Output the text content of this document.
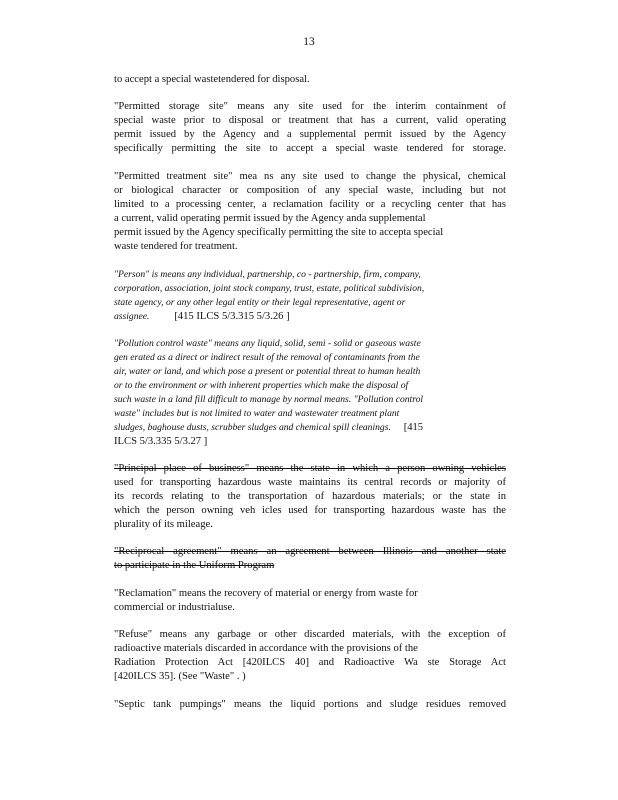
13
to accept a special wastetendered for disposal.
"Permitted storage site" means any site used for the interim containment of
special waste prior to disposal or treatment that has a current, valid operating
permit issued by the Agency and a supplemental permit issued by the Agency
specifically permitting the site to accept a special waste tendered for storage.
"Permitted treatment site" mea ns any site used to change the physical, chemical
or biological character or composition of any special waste, including but not
limited to a processing center, a reclamation facility or a recycling center that has
a current, valid operating permit issued by the Agency anda supplemental
permit issued by the Agency specifically permitting the site to accepta special
waste tendered for treatment.
"Person" is means any individual, partnership, co - partnership, firm, company,
corporation, association, joint stock company, trust, estate, political subdivision,
state agency, or any other legal entity or their legal representative, agent or
assignee. [415 ILCS 5/3.315 5/3.26 ]
"Pollution control waste" means any liquid, solid, semi - solid or gaseous waste
gen erated as a direct or indirect result of the removal of contaminants from the
air, water or land, and which pose a present or potential threat to human health
or to the environment or with inherent properties which make the disposal of
such waste in a land fill difficult to manage by normal means. "Pollution control
waste" includes but is not limited to water and wastewater treatment plant
sludges, baghouse dusts, scrubber sludges and chemical spill cleanings. [415
ILCS 5/3.335 5/3.27 ]
"Principal place of business" means the state in which a person owning vehicles
used for transporting hazardous waste maintains its central records or majority of
its records relating to the transportation of hazardous materials; or the state in
which the person owning veh icles used for transporting hazardous waste has the
plurality of its mileage.
"Reciprocal agreement" means an agreement between Illinois and another state
to participate in the Uniform Program
"Reclamation" means the recovery of material or energy from waste for
commercial or industrialuse.
"Refuse" means any garbage or other discarded materials, with the exception of
radioactive materials discarded in accordance with the provisions of the
Radiation Protection Act [420ILCS 40] and Radioactive Wa ste Storage Act
[420ILCS 35]. (See "Waste" . )
"Septic tank pumpings" means the liquid portions and sludge residues removed
